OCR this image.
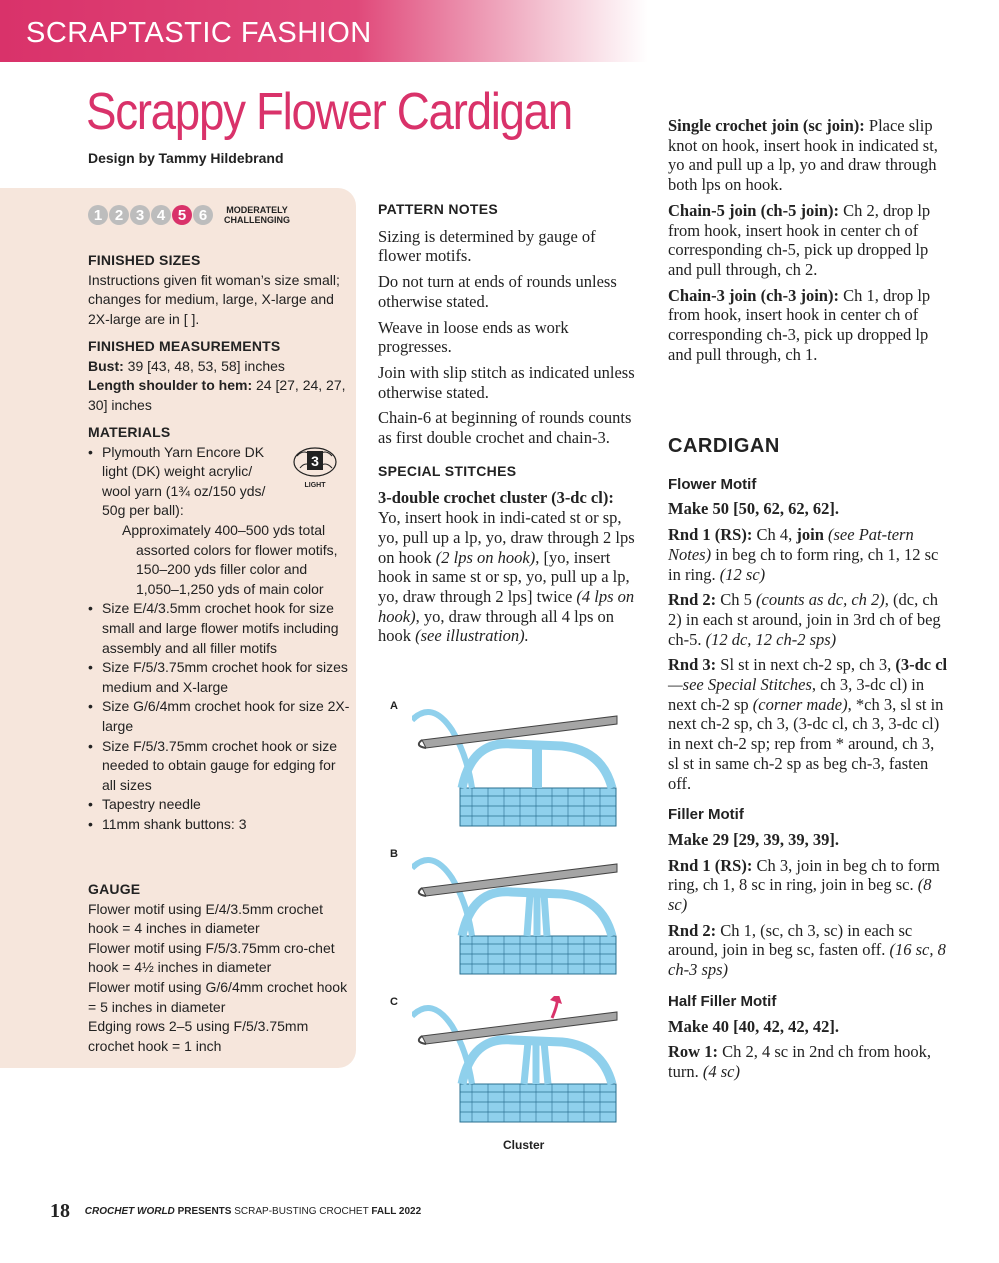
SCRAPTASTIC FASHION
Scrappy Flower Cardigan
Design by Tammy Hildebrand
1 2 3 4 5 6	MODERATELY
CHALLENGING
FINISHED SIZES

Instructions given fit woman’s size small; changes for medium, large, X-large and 2X-large are in [ ].

FINISHED MEASUREMENTS

Bust: 39 [43, 48, 53, 58] inches

Length shoulder to hem: 24 [27, 24, 27, 30] inches

MATERIALS

• Plymouth Yarn Encore DK light (DK) weight acrylic/ wool yarn (1¾ oz/150 yds/ 50g per ball):

Approximately 400–500 yds total assorted colors for flower motifs, 150–200 yds filler color and 1,050–1,250 yds of main color

• Size E/4/3.5mm crochet hook for size small and large flower motifs including assembly and all filler motifs

• Size F/5/3.75mm crochet hook for sizes medium and X-large

• Size G/6/4mm crochet hook for size 2X-large

• Size F/5/3.75mm crochet hook or size needed to obtain gauge for edging for all sizes

• Tapestry needle

• 11mm shank buttons: 3

3
LIGHT
GAUGE

Flower motif using E/4/3.5mm crochet hook = 4 inches in diameter

Flower motif using F/5/3.75mm cro-chet hook = 4½ inches in diameter

Flower motif using G/6/4mm crochet hook = 5 inches in diameter

Edging rows 2–5 using F/5/3.75mm crochet hook = 1 inch

PATTERN NOTES

Sizing is determined by gauge of flower motifs.

Do not turn at ends of rounds unless otherwise stated.

Weave in loose ends as work progresses.

Join with slip stitch as indicated unless otherwise stated.

Chain-6 at beginning of rounds counts as first double crochet and chain-3.

SPECIAL STITCHES

3-double crochet cluster (3-dc cl): Yo, insert hook in indi-cated st or sp, yo, pull up a lp, yo, draw through 2 lps on hook (2 lps on hook), [yo, insert hook in same st or sp, yo, pull up a lp, yo, draw through 2 lps] twice (4 lps on hook), yo, draw through all 4 lps on hook (see illustration).

A
B
C
Cluster

Single crochet join (sc join): Place slip knot on hook, insert hook in indicated st, yo and pull up a lp, yo and draw through both lps on hook.

Chain-5 join (ch-5 join): Ch 2, drop lp from hook, insert hook in center ch of corresponding ch-5, pick up dropped lp and pull through, ch 2.

Chain-3 join (ch-3 join): Ch 1, drop lp from hook, insert hook in center ch of corresponding ch-3, pick up dropped lp and pull through, ch 1.

CARDIGAN

Flower Motif

Make 50 [50, 62, 62, 62].

Rnd 1 (RS): Ch 4, join (see Pat-tern Notes) in beg ch to form ring, ch 1, 12 sc in ring. (12 sc)

Rnd 2: Ch 5 (counts as dc, ch 2), (dc, ch 2) in each st around, join in 3rd ch of beg ch-5. (12 dc, 12 ch-2 sps)

Rnd 3: Sl st in next ch-2 sp, ch 3, (3-dc cl—see Special Stitches, ch 3, 3-dc cl) in next ch-2 sp (corner made), *ch 3, sl st in next ch-2 sp, ch 3, (3-dc cl, ch 3, 3-dc cl) in next ch-2 sp; rep from * around, ch 3, sl st in same ch-2 sp as beg ch-3, fasten off.

Filler Motif

Make 29 [29, 39, 39, 39].

Rnd 1 (RS): Ch 3, join in beg ch to form ring, ch 1, 8 sc in ring, join in beg sc. (8 sc)

Rnd 2: Ch 1, (sc, ch 3, sc) in each sc around, join in beg sc, fasten off. (16 sc, 8 ch-3 sps)

Half Filler Motif

Make 40 [40, 42, 42, 42].

Row 1: Ch 2, 4 sc in 2nd ch from hook, turn. (4 sc)

18 CROCHET WORLD PRESENTS SCRAP-BUSTING CROCHET FALL 2022
